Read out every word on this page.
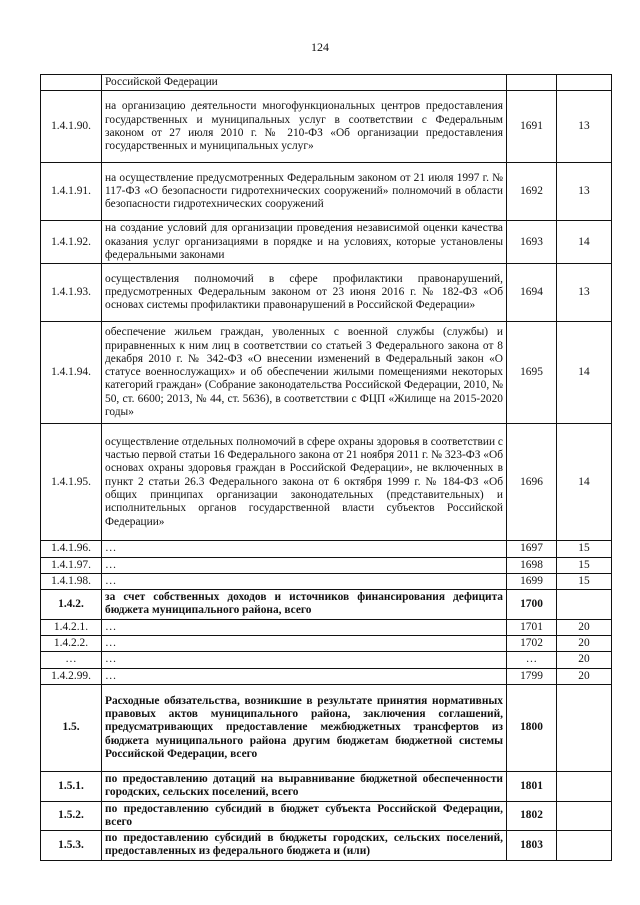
124
	Российской Федерации		
1.4.1.90.	на организацию деятельности многофункциональных центров предоставления государственных и муниципальных услуг в соответствии с Федеральным законом от 27 июля 2010 г. № 210-ФЗ «Об организации предоставления государственных и муниципальных услуг»	1691	13
1.4.1.91.	на осуществление предусмотренных Федеральным законом от 21 июля 1997 г. № 117-ФЗ «О безопасности гидротехнических сооружений» полномочий в области безопасности гидротехнических сооружений	1692	13
1.4.1.92.	на создание условий для организации проведения независимой оценки качества оказания услуг организациями в порядке и на условиях, которые установлены федеральными законами	1693	14
1.4.1.93.	осуществления полномочий в сфере профилактики правонарушений, предусмотренных Федеральным законом от 23 июня 2016 г. № 182-ФЗ «Об основах системы профилактики правонарушений в Российской Федерации»	1694	13
1.4.1.94.	обеспечение жильем граждан, уволенных с военной службы (службы) и приравненных к ним лиц в соответствии со статьей 3 Федерального закона от 8 декабря 2010 г. № 342-ФЗ «О внесении изменений в Федеральный закон «О статусе военнослужащих» и об обеспечении жилыми помещениями некоторых категорий граждан» (Собрание законодательства Российской Федерации, 2010, № 50, ст. 6600; 2013, № 44, ст. 5636), в соответствии с ФЦП «Жилище на 2015-2020 годы»	1695	14
1.4.1.95.	осуществление отдельных полномочий в сфере охраны здоровья в соответствии с частью первой статьи 16 Федерального закона от 21 ноября 2011 г. № 323-ФЗ «Об основах охраны здоровья граждан в Российской Федерации», не включенных в пункт 2 статьи 26.3 Федерального закона от 6 октября 1999 г. № 184-ФЗ «Об общих принципах организации законодательных (представительных) и исполнительных органов государственной власти субъектов Российской Федерации»	1696	14
1.4.1.96.	…	1697	15
1.4.1.97.	…	1698	15
1.4.1.98.	…	1699	15
1.4.2.	за счет собственных доходов и источников финансирования дефицита бюджета муниципального района, всего	1700	
1.4.2.1.	…	1701	20
1.4.2.2.	…	1702	20
…	…	…	20
1.4.2.99.	…	1799	20
1.5.	Расходные обязательства, возникшие в результате принятия нормативных правовых актов муниципального района, заключения соглашений, предусматривающих предоставление межбюджетных трансфертов из бюджета муниципального района другим бюджетам бюджетной системы Российской Федерации, всего	1800	
1.5.1.	по предоставлению дотаций на выравнивание бюджетной обеспеченности городских, сельских поселений, всего	1801	
1.5.2.	по предоставлению субсидий в бюджет субъекта Российской Федерации, всего	1802	
1.5.3.	по предоставлению субсидий в бюджеты городских, сельских поселений, предоставленных из федерального бюджета и (или)	1803	
